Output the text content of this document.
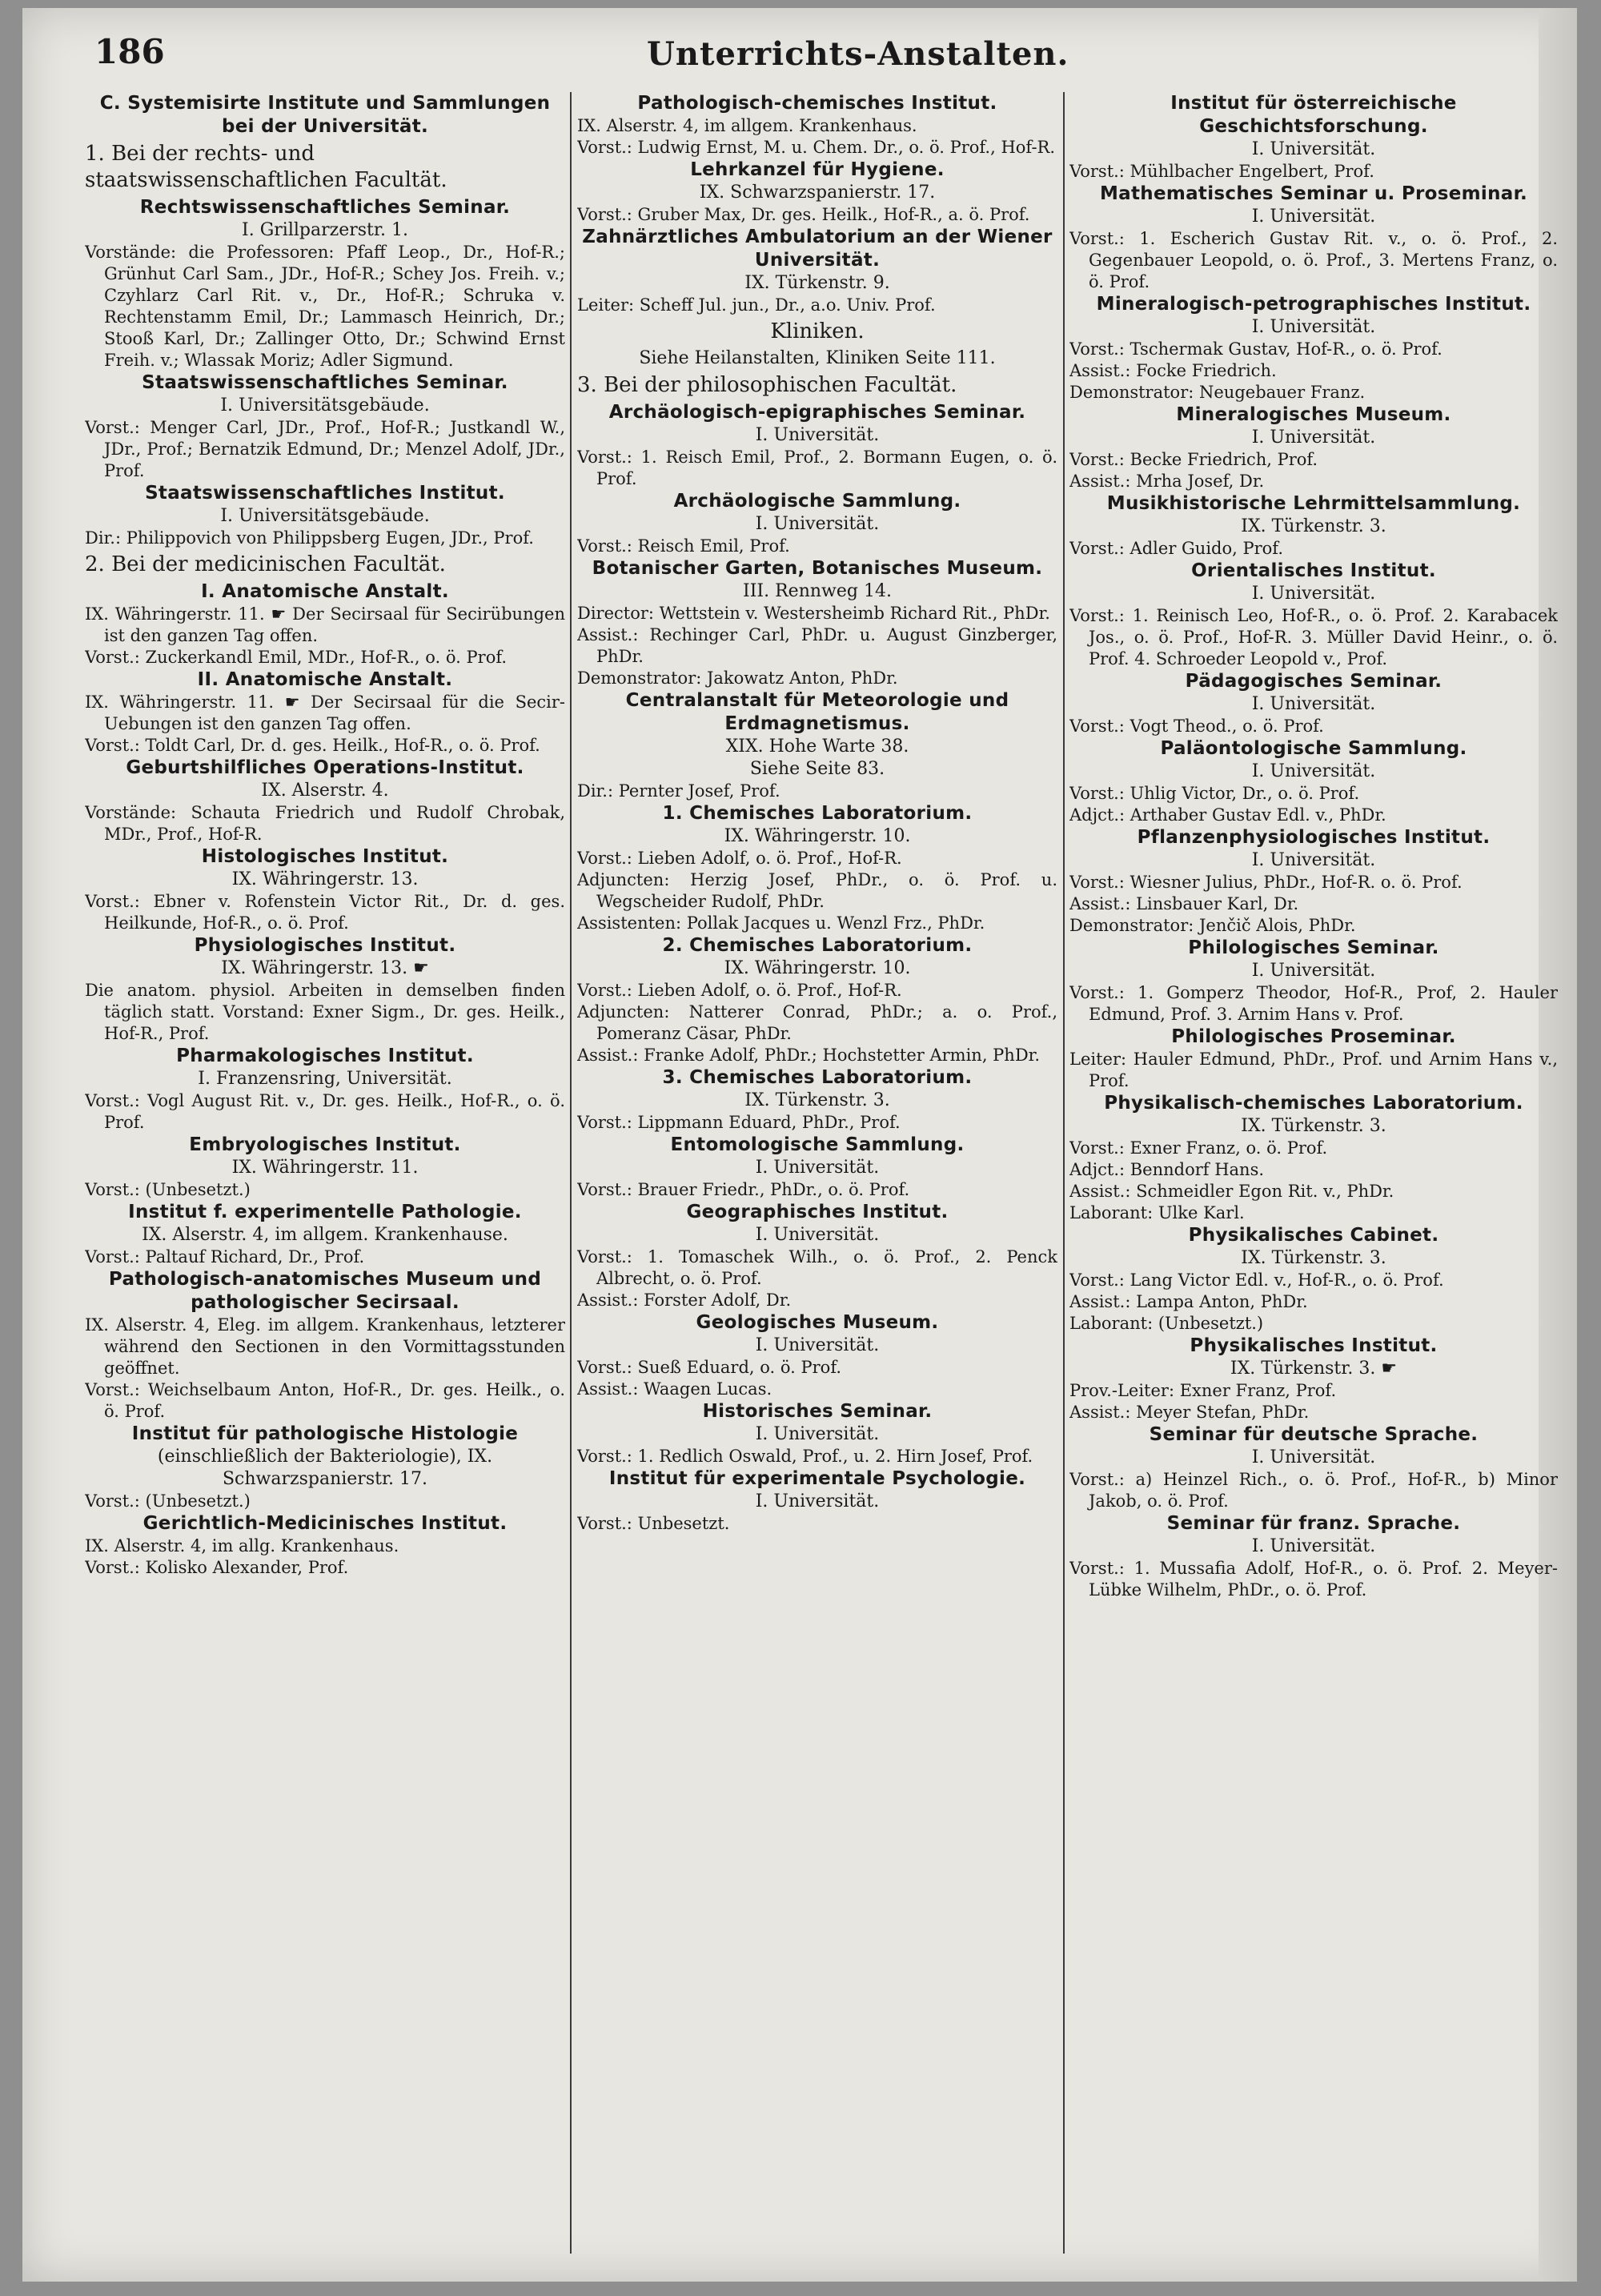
186	Unterrichts-Anstalten.
C. Systemisirte Institute und Sammlungen bei der Universität.
1. Bei der rechts- und staatswissenschaftlichen Facultät.
Rechtswissenschaftliches Seminar.
I. Grillparzerstr. 1.
Vorstände: die Professoren: Pfaff Leop., Dr., Hof-R.; Grünhut Carl Sam., JDr., Hof-R.; Schey Jos. Freih. v.; Czyhlarz Carl Rit. v., Dr., Hof-R.; Schruka v. Rechtenstamm Emil, Dr.; Lammasch Heinrich, Dr.; Stooß Karl, Dr.; Zallinger Otto, Dr.; Schwind Ernst Freih. v.; Wlassak Moriz; Adler Sigmund.
Staatswissenschaftliches Seminar.
I. Universitätsgebäude.
Vorst.: Menger Carl, JDr., Prof., Hof-R.; Justkandl W., JDr., Prof.; Bernatzik Edmund, Dr.; Menzel Adolf, JDr., Prof.
Staatswissenschaftliches Institut.
I. Universitätsgebäude.
Dir.: Philippovich von Philippsberg Eugen, JDr., Prof.
2. Bei der medicinischen Facultät.
I. Anatomische Anstalt.
IX. Währingerstr. 11. ☛ Der Secirsaal für Secirübungen ist den ganzen Tag offen.
Vorst.: Zuckerkandl Emil, MDr., Hof-R., o. ö. Prof.
II. Anatomische Anstalt.
IX. Währingerstr. 11. ☛ Der Secirsaal für die Secir-Uebungen ist den ganzen Tag offen.
Vorst.: Toldt Carl, Dr. d. ges. Heilk., Hof-R., o. ö. Prof.
Geburtshilfliches Operations-Institut.
IX. Alserstr. 4.
Vorstände: Schauta Friedrich und Rudolf Chrobak, MDr., Prof., Hof-R.
Histologisches Institut.
IX. Währingerstr. 13.
Vorst.: Ebner v. Rofenstein Victor Rit., Dr. d. ges. Heilkunde, Hof-R., o. ö. Prof.
Physiologisches Institut.
IX. Währingerstr. 13. ☛
Die anatom. physiol. Arbeiten in demselben finden täglich statt. Vorstand: Exner Sigm., Dr. ges. Heilk., Hof-R., Prof.
Pharmakologisches Institut.
I. Franzensring, Universität.
Vorst.: Vogl August Rit. v., Dr. ges. Heilk., Hof-R., o. ö. Prof.
Embryologisches Institut.
IX. Währingerstr. 11.
Vorst.: (Unbesetzt.)
Institut f. experimentelle Pathologie.
IX. Alserstr. 4, im allgem. Krankenhause.
Vorst.: Paltauf Richard, Dr., Prof.
Pathologisch-anatomisches Museum und pathologischer Secirsaal.
IX. Alserstr. 4, Eleg. im allgem. Krankenhaus, letzterer während den Sectionen in den Vormittagsstunden geöffnet.
Vorst.: Weichselbaum Anton, Hof-R., Dr. ges. Heilk., o. ö. Prof.
Institut für pathologische Histologie
(einschließlich der Bakteriologie), IX. Schwarzspanierstr. 17.
Vorst.: (Unbesetzt.)
Gerichtlich-Medicinisches Institut.
IX. Alserstr. 4, im allg. Krankenhaus.
Vorst.: Kolisko Alexander, Prof.
Pathologisch-chemisches Institut.
IX. Alserstr. 4, im allgem. Krankenhaus.
Vorst.: Ludwig Ernst, M. u. Chem. Dr., o. ö. Prof., Hof-R.
Lehrkanzel für Hygiene.
IX. Schwarzspanierstr. 17.
Vorst.: Gruber Max, Dr. ges. Heilk., Hof-R., a. ö. Prof.
Zahnärztliches Ambulatorium an der Wiener Universität.
IX. Türkenstr. 9.
Leiter: Scheff Jul. jun., Dr., a.o. Univ. Prof.
Kliniken.
Siehe Heilanstalten, Kliniken Seite 111.
3. Bei der philosophischen Facultät.
Archäologisch-epigraphisches Seminar.
I. Universität.
Vorst.: 1. Reisch Emil, Prof., 2. Bormann Eugen, o. ö. Prof.
Archäologische Sammlung.
I. Universität.
Vorst.: Reisch Emil, Prof.
Botanischer Garten, Botanisches Museum.
III. Rennweg 14.
Director: Wettstein v. Westersheimb Richard Rit., PhDr.
Assist.: Rechinger Carl, PhDr. u. August Ginzberger, PhDr.
Demonstrator: Jakowatz Anton, PhDr.
Centralanstalt für Meteorologie und Erdmagnetismus.
XIX. Hohe Warte 38.
Siehe Seite 83.
Dir.: Pernter Josef, Prof.
1. Chemisches Laboratorium.
IX. Währingerstr. 10.
Vorst.: Lieben Adolf, o. ö. Prof., Hof-R.
Adjuncten: Herzig Josef, PhDr., o. ö. Prof. u. Wegscheider Rudolf, PhDr.
Assistenten: Pollak Jacques u. Wenzl Frz., PhDr.
2. Chemisches Laboratorium.
IX. Währingerstr. 10.
Vorst.: Lieben Adolf, o. ö. Prof., Hof-R.
Adjuncten: Natterer Conrad, PhDr.; a. o. Prof., Pomeranz Cäsar, PhDr.
Assist.: Franke Adolf, PhDr.; Hochstetter Armin, PhDr.
3. Chemisches Laboratorium.
IX. Türkenstr. 3.
Vorst.: Lippmann Eduard, PhDr., Prof.
Entomologische Sammlung.
I. Universität.
Vorst.: Brauer Friedr., PhDr., o. ö. Prof.
Geographisches Institut.
I. Universität.
Vorst.: 1. Tomaschek Wilh., o. ö. Prof., 2. Penck Albrecht, o. ö. Prof.
Assist.: Forster Adolf, Dr.
Geologisches Museum.
I. Universität.
Vorst.: Sueß Eduard, o. ö. Prof.
Assist.: Waagen Lucas.
Historisches Seminar.
I. Universität.
Vorst.: 1. Redlich Oswald, Prof., u. 2. Hirn Josef, Prof.
Institut für experimentale Psychologie.
I. Universität.
Vorst.: Unbesetzt.
Institut für österreichische Geschichtsforschung.
I. Universität.
Vorst.: Mühlbacher Engelbert, Prof.
Mathematisches Seminar u. Proseminar.
I. Universität.
Vorst.: 1. Escherich Gustav Rit. v., o. ö. Prof., 2. Gegenbauer Leopold, o. ö. Prof., 3. Mertens Franz, o. ö. Prof.
Mineralogisch-petrographisches Institut.
I. Universität.
Vorst.: Tschermak Gustav, Hof-R., o. ö. Prof.
Assist.: Focke Friedrich.
Demonstrator: Neugebauer Franz.
Mineralogisches Museum.
I. Universität.
Vorst.: Becke Friedrich, Prof.
Assist.: Mrha Josef, Dr.
Musikhistorische Lehrmittelsammlung.
IX. Türkenstr. 3.
Vorst.: Adler Guido, Prof.
Orientalisches Institut.
I. Universität.
Vorst.: 1. Reinisch Leo, Hof-R., o. ö. Prof. 2. Karabacek Jos., o. ö. Prof., Hof-R. 3. Müller David Heinr., o. ö. Prof. 4. Schroeder Leopold v., Prof.
Pädagogisches Seminar.
I. Universität.
Vorst.: Vogt Theod., o. ö. Prof.
Paläontologische Sammlung.
I. Universität.
Vorst.: Uhlig Victor, Dr., o. ö. Prof.
Adjct.: Arthaber Gustav Edl. v., PhDr.
Pflanzenphysiologisches Institut.
I. Universität.
Vorst.: Wiesner Julius, PhDr., Hof-R. o. ö. Prof.
Assist.: Linsbauer Karl, Dr.
Demonstrator: Jenčič Alois, PhDr.
Philologisches Seminar.
I. Universität.
Vorst.: 1. Gomperz Theodor, Hof-R., Prof, 2. Hauler Edmund, Prof. 3. Arnim Hans v. Prof.
Philologisches Proseminar.
Leiter: Hauler Edmund, PhDr., Prof. und Arnim Hans v., Prof.
Physikalisch-chemisches Laboratorium.
IX. Türkenstr. 3.
Vorst.: Exner Franz, o. ö. Prof.
Adjct.: Benndorf Hans.
Assist.: Schmeidler Egon Rit. v., PhDr.
Laborant: Ulke Karl.
Physikalisches Cabinet.
IX. Türkenstr. 3.
Vorst.: Lang Victor Edl. v., Hof-R., o. ö. Prof.
Assist.: Lampa Anton, PhDr.
Laborant: (Unbesetzt.)
Physikalisches Institut.
IX. Türkenstr. 3. ☛
Prov.-Leiter: Exner Franz, Prof.
Assist.: Meyer Stefan, PhDr.
Seminar für deutsche Sprache.
I. Universität.
Vorst.: a) Heinzel Rich., o. ö. Prof., Hof-R., b) Minor Jakob, o. ö. Prof.
Seminar für franz. Sprache.
I. Universität.
Vorst.: 1. Mussafia Adolf, Hof-R., o. ö. Prof. 2. Meyer-Lübke Wilhelm, PhDr., o. ö. Prof.
